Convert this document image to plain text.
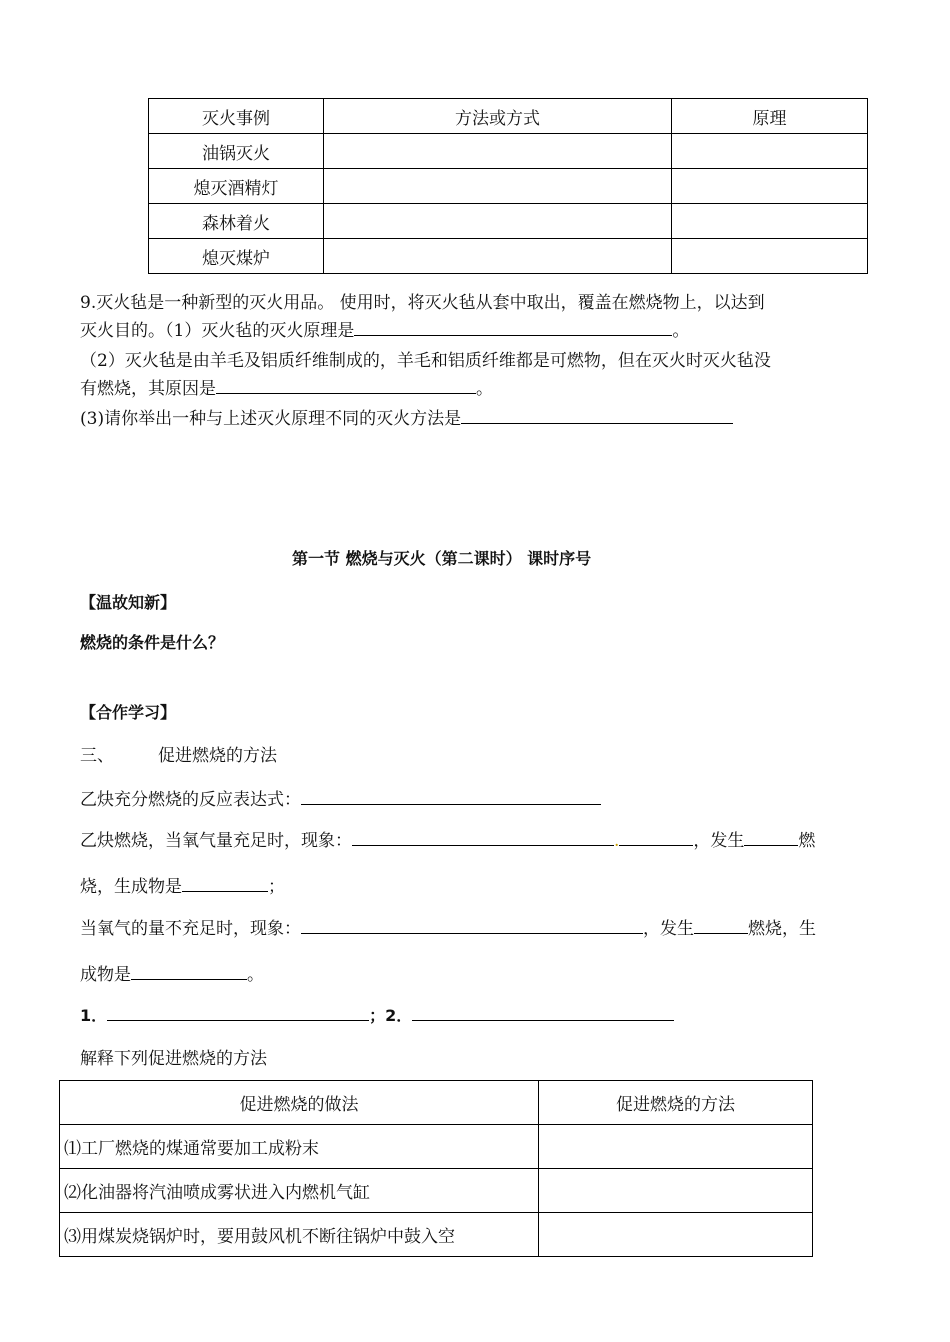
灭火事例	方法或方式	原理
油锅灭火		
熄灭酒精灯		
森林着火		
熄灭煤炉		
9.灭火毡是一种新型的灭火用品。 使用时，将灭火毡从套中取出，覆盖在燃烧物上，以达到
灭火目的。（1）灭火毡的灭火原理是	。
（2）灭火毡是由羊毛及铝质纤维制成的，羊毛和铝质纤维都是可燃物，但在灭火时灭火毡没
有燃烧，其原因是	。
(3)请你举出一种与上述灭火原理不同的灭火方法是
第一节 燃烧与灭火（第二课时） 课时序号
【温故知新】
燃烧的条件是什么？
【合作学习】
三、	促进燃烧的方法
乙炔充分燃烧的反应表达式：
乙炔燃烧，当氧气量充足时，现象：	.	，发生	燃
烧，生成物是	；
当氧气的量不充足时，现象：	，发生	燃烧，生
成物是	。
1．	；2．
解释下列促进燃烧的方法
促进燃烧的做法	促进燃烧的方法
⑴工厂燃烧的煤通常要加工成粉末	
⑵化油器将汽油喷成雾状进入内燃机气缸	
⑶用煤炭烧锅炉时，要用鼓风机不断往锅炉中鼓入空	
